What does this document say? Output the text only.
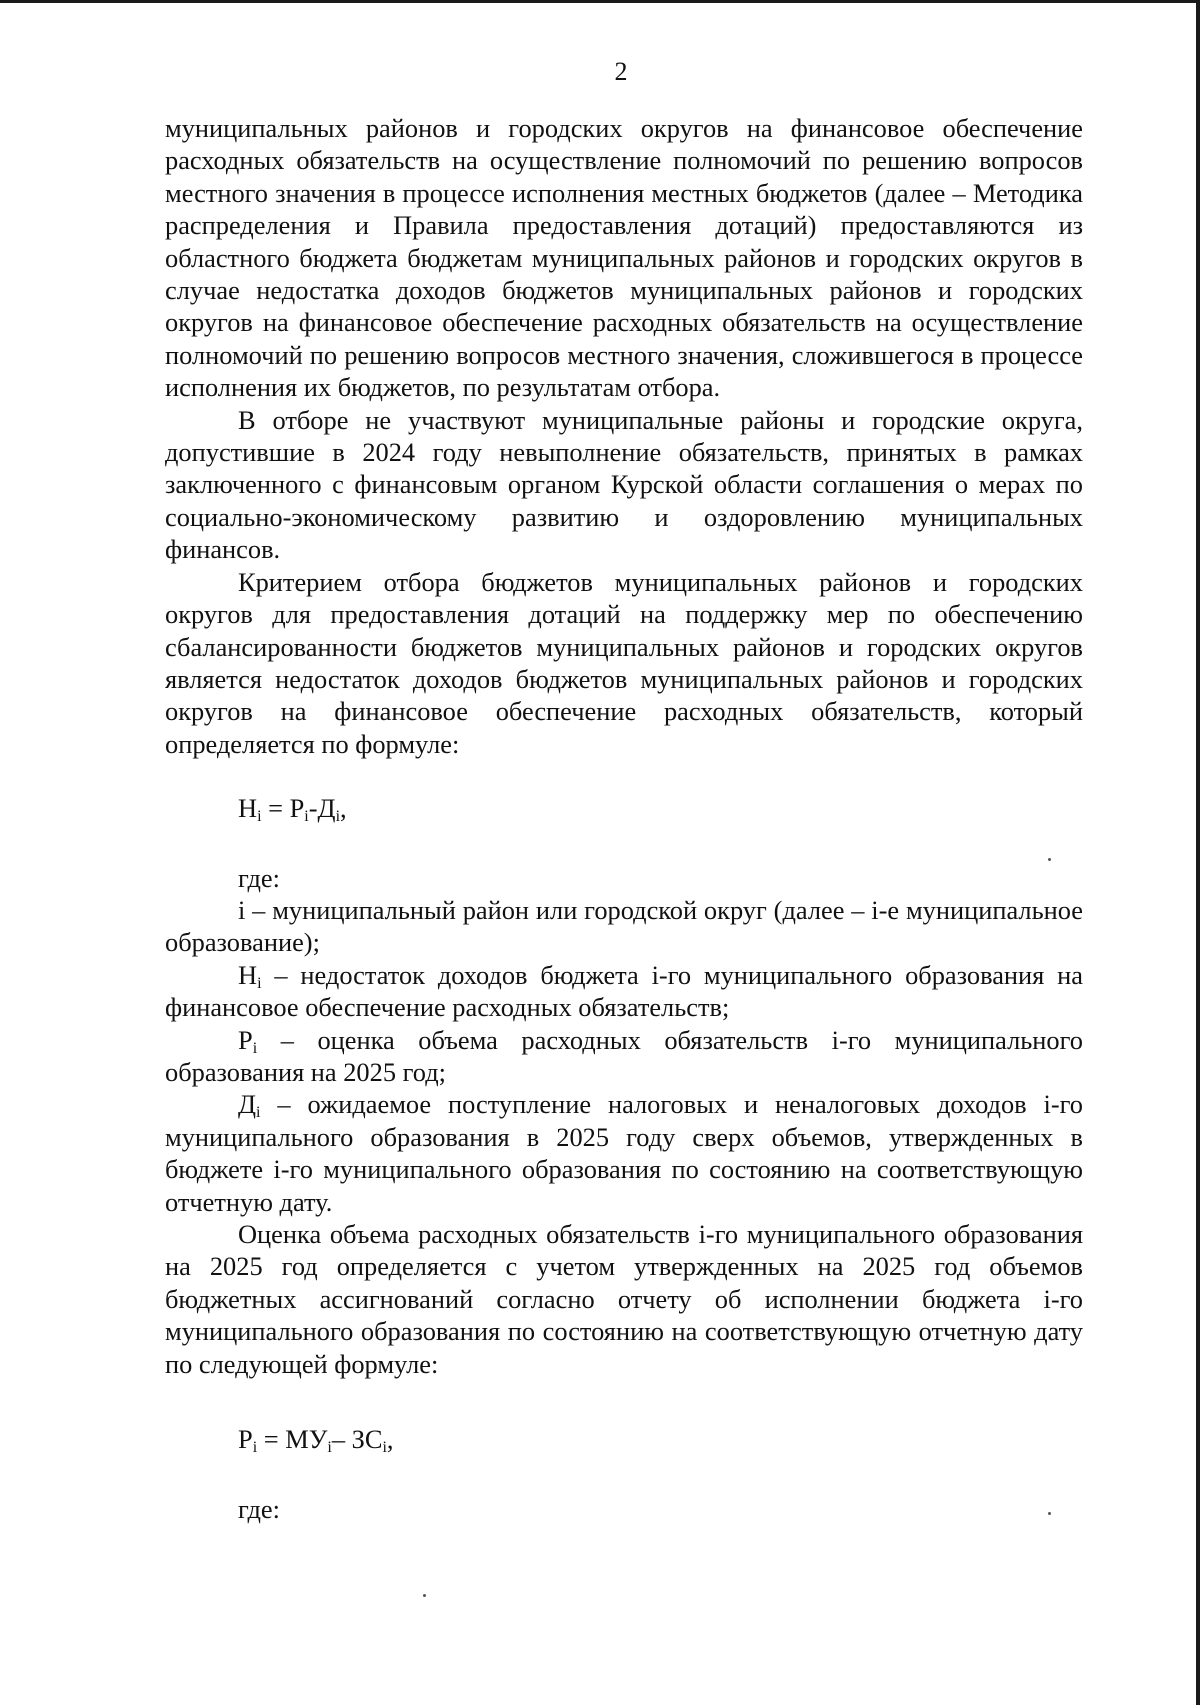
2

муниципальных районов и городских округов на финансовое обеспечение расходных обязательств на осуществление полномочий по решению вопросов местного значения в процессе исполнения местных бюджетов (далее – Методика распределения и Правила предоставления дотаций) предоставляются из областного бюджета бюджетам муниципальных районов и городских округов в случае недостатка доходов бюджетов муниципальных районов и городских округов на финансовое обеспечение расходных обязательств на осуществление полномочий по решению вопросов местного значения, сложившегося в процессе исполнения их бюджетов, по результатам отбора.

В отборе не участвуют муниципальные районы и городские округа, допустившие в 2024 году невыполнение обязательств, принятых в рамках заключенного с финансовым органом Курской области соглашения о мерах по социально-экономическому развитию и оздоровлению муниципальных финансов.

Критерием отбора бюджетов муниципальных районов и городских округов для предоставления дотаций на поддержку мер по обеспечению сбалансированности бюджетов муниципальных районов и городских округов является недостаток доходов бюджетов муниципальных районов и городских округов на финансовое обеспечение расходных обязательств, который определяется по формуле:

$Н_i = Р_i-Д_i$,

где:

i – муниципальный район или городской округ (далее – i-е муниципальное образование);

$Н_i$ – недостаток доходов бюджета i-го муниципального образования на финансовое обеспечение расходных обязательств;

$Р_i$ – оценка объема расходных обязательств i-го муниципального образования на 2025 год;

$Д_i$ – ожидаемое поступление налоговых и неналоговых доходов i-го муниципального образования в 2025 году сверх объемов, утвержденных в бюджете i-го муниципального образования по состоянию на соответствующую отчетную дату.

Оценка объема расходных обязательств i-го муниципального образования на 2025 год определяется с учетом утвержденных на 2025 год объемов бюджетных ассигнований согласно отчету об исполнении бюджета i-го муниципального образования по состоянию на соответствующую отчетную дату по следующей формуле:

$Р_i = МУ_i-$ $ЗС_i$,

где:
